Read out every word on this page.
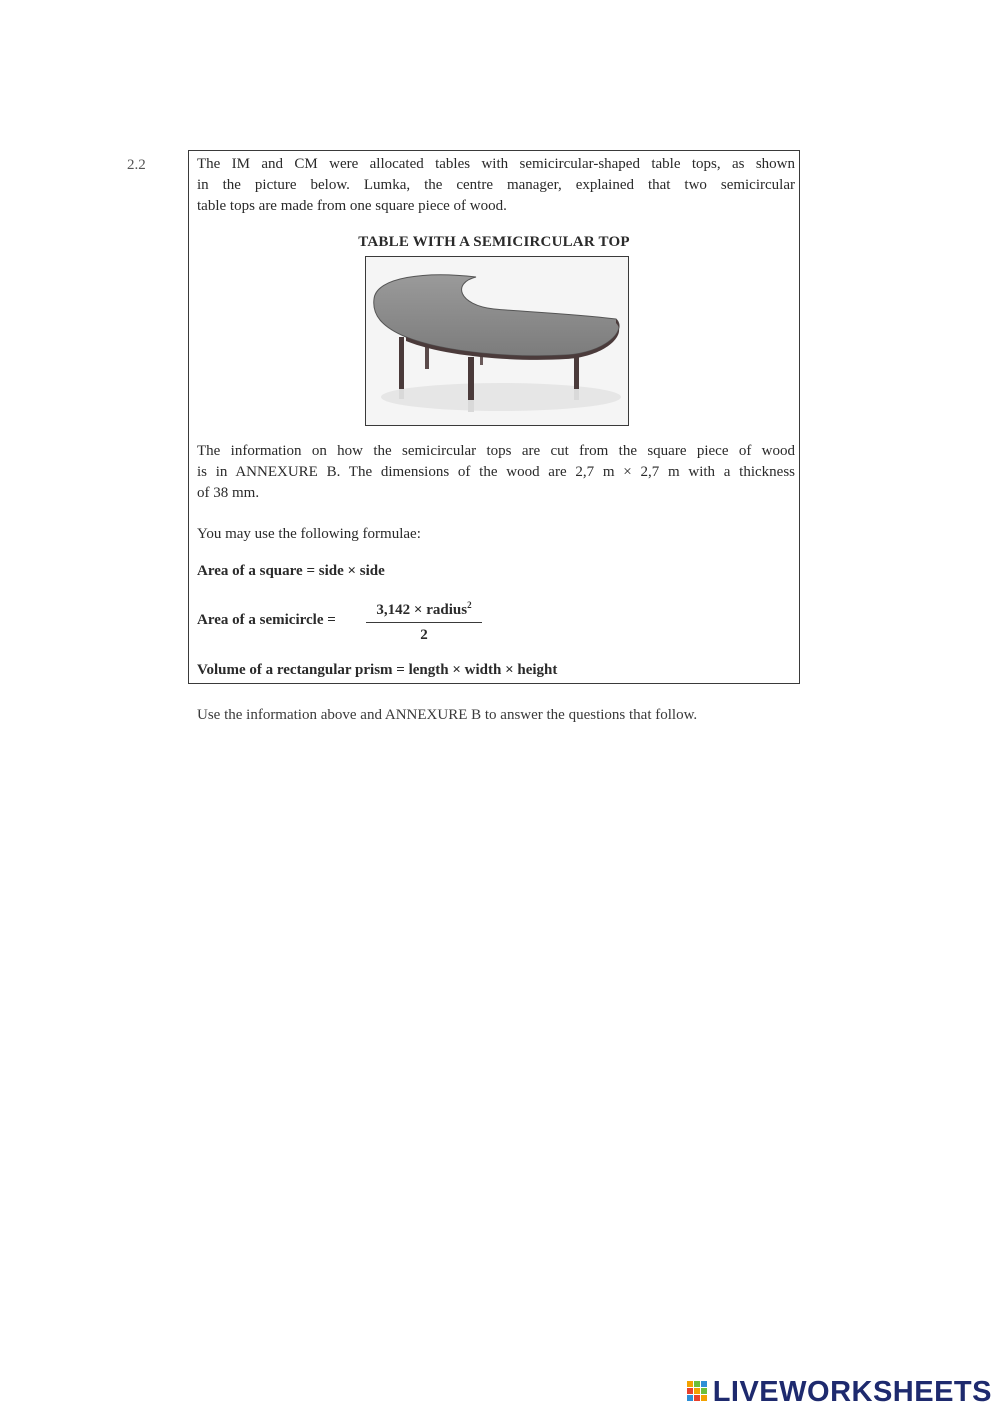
2.2	The IM and CM were allocated tables with semicircular-shaped table tops, as shown
in the picture below. Lumka, the centre manager, explained that two semicircular
table tops are made from one square piece of wood.

TABLE WITH A SEMICIRCULAR TOP

The information on how the semicircular tops are cut from the square piece of wood
is in ANNEXURE B. The dimensions of the wood are 2,7 m × 2,7 m with a thickness
of 38 mm.

You may use the following formulae:

Area of a square = side × side
Area of a semicircle =
3,142 × radius$^2$
2
Volume of a rectangular prism = length × width × height
Use the information above and ANNEXURE B to answer the questions that follow.
LIVEWORKSHEETS
